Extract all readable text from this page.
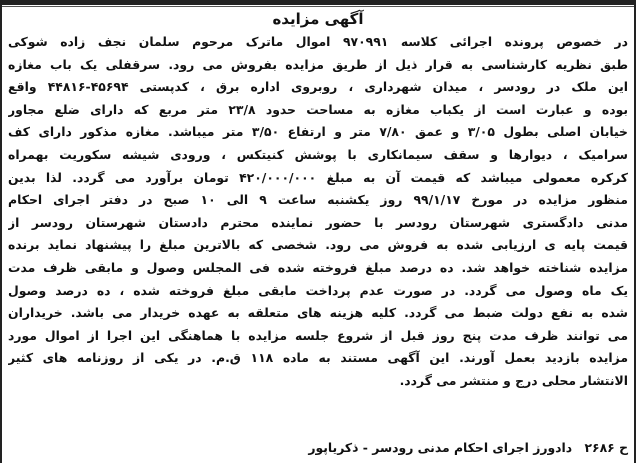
آگهی مزایده
در خصوص پرونده اجرائی کلاسه ۹۷۰۹۹۱ اموال ماترک مرحوم سلمان نجف زاده شوکی
طبق نظریه کارشناسی به قرار ذیل از طریق مزایده بفروش می رود. سرقفلی یک باب مغازه
این ملک در رودسر ، میدان شهرداری ، روبروی اداره برق ، کدپستی ۴۵۶۹۴-۴۴۸۱۶ واقع
بوده و عبارت است از یکباب مغازه به مساحت حدود ۲۳/۸ متر مربع که دارای ضلع مجاور
خیابان اصلی بطول ۳/۰۵ و عمق ۷/۸۰ متر و ارتفاع ۳/۵۰ متر میباشد. مغازه مذکور دارای کف
سرامیک ، دیوارها و سقف سیمانکاری با پوشش کنیتکس ، ورودی شیشه سکوریت بهمراه
کرکره معمولی میباشد که قیمت آن به مبلغ ۴۲۰/۰۰۰/۰۰۰ تومان برآورد می گردد. لذا بدین
منظور مزایده در مورخ ۹۹/۱/۱۷ روز یکشنبه ساعت ۹ الی ۱۰ صبح در دفتر اجرای احکام
مدنی دادگستری شهرستان رودسر با حضور نماینده محترم دادستان شهرستان رودسر از
قیمت پایه ی ارزیابی شده به فروش می رود. شخصی که بالاترین مبلغ را پیشنهاد نماید برنده
مزایده شناخته خواهد شد. ده درصد مبلغ فروخته شده فی المجلس وصول و مابقی ظرف مدت
یک ماه وصول می گردد. در صورت عدم پرداخت مابقی مبلغ فروخته شده ، ده درصد وصول
شده به نفع دولت ضبط می گردد. کلیه هزینه های متعلقه به عهده خریدار می باشد. خریداران
می توانند ظرف مدت پنج روز قبل از شروع جلسه مزایده با هماهنگی این اجرا از اموال مورد
مزایده بازدید بعمل آورند. این آگهی مستند به ماده ۱۱۸ ق.م. در یکی از روزنامه های کثیر
الانتشار محلی درج و منتشر می گردد.
ح ۲۶۸۶ دادورز اجرای احکام مدنی رودسر - ذکریاپور
